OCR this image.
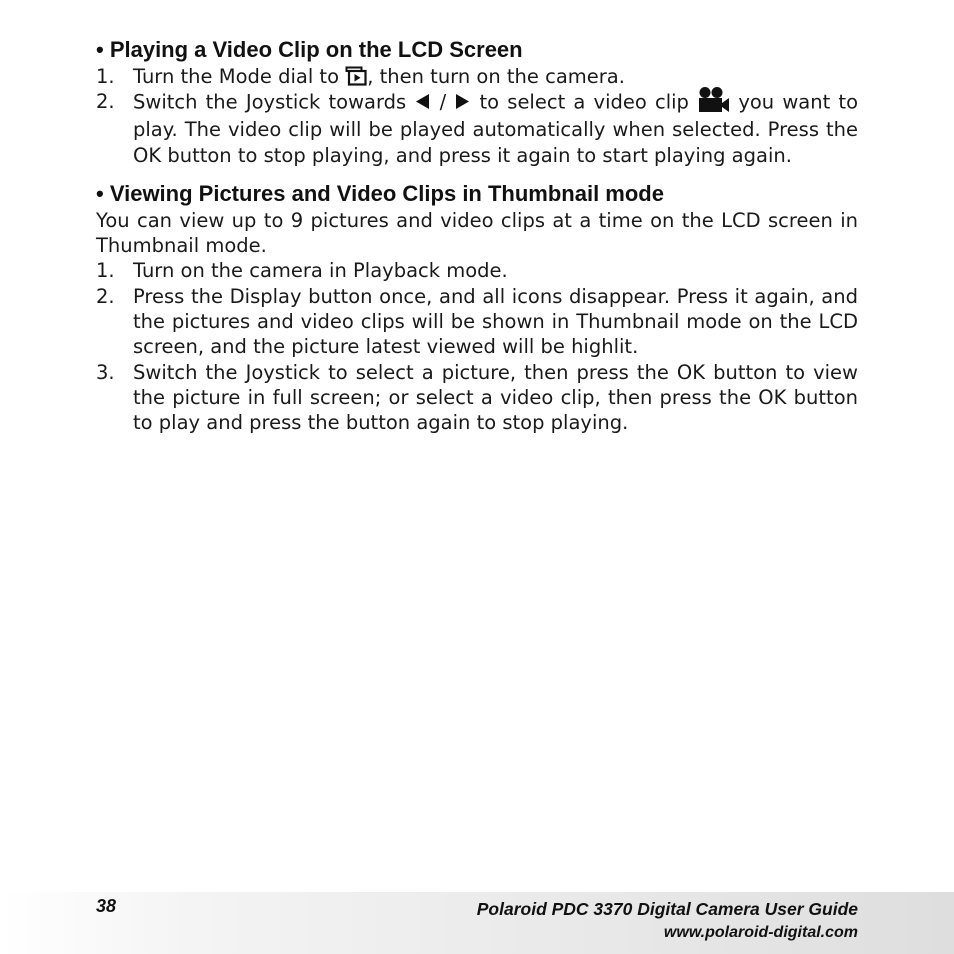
• Playing a Video Clip on the LCD Screen
1. Turn the Mode dial to
, then turn on the camera.
2. Switch the Joystick towards
/
to select a video clip
you want to play. The video clip will be played automatically when selected. Press the OK button to stop playing, and press it again to start playing again.
• Viewing Pictures and Video Clips in Thumbnail mode

You can view up to 9 pictures and video clips at a time on the LCD screen in Thumbnail mode.

1. Turn on the camera in Playback mode.
2. Press the Display button once, and all icons disappear. Press it again, and the pictures and video clips will be shown in Thumbnail mode on the LCD screen, and the picture latest viewed will be highlit.
3. Switch the Joystick to select a picture, then press the OK button to view the picture in full screen; or select a video clip, then press the OK button to play and press the button again to stop playing.
38	Polaroid PDC 3370 Digital Camera User Guide
www.polaroid-digital.com
